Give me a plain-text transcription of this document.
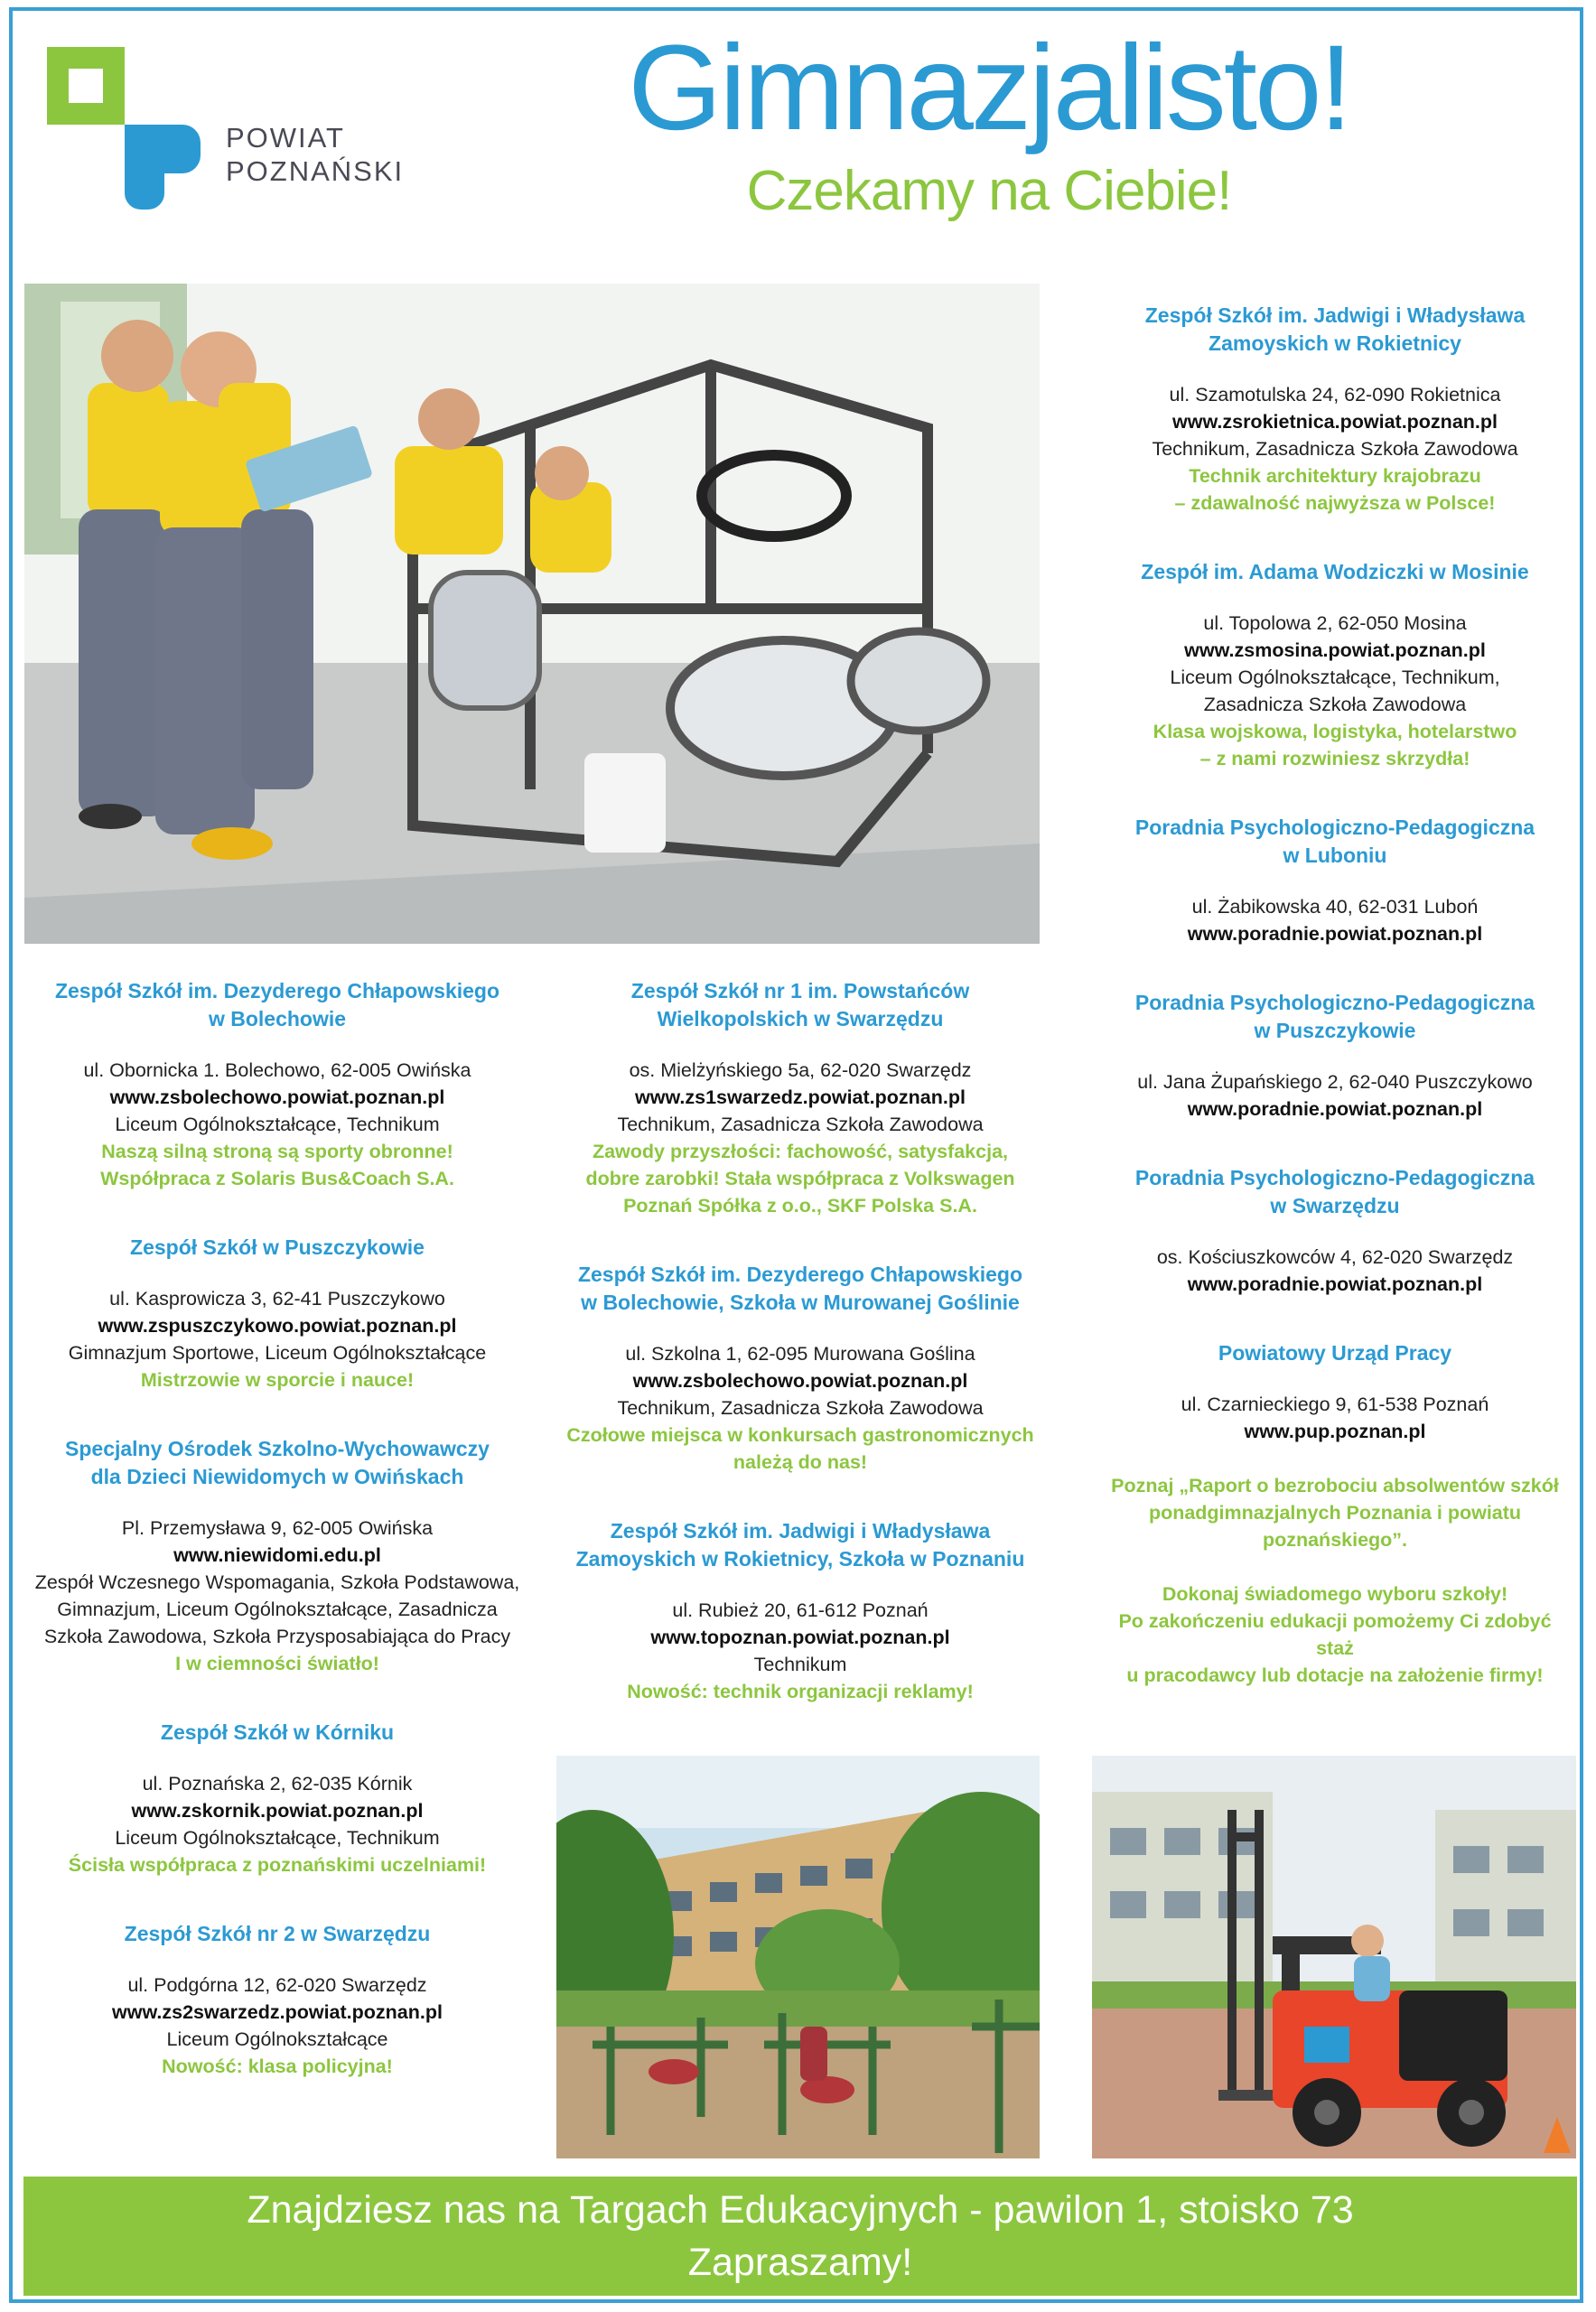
POWIAT
POZNAŃSKI
Gimnazjalisto!
Czekamy na Ciebie!
Zespół Szkół im. Jadwigi i Władysława Zamoyskich w Rokietnicy
ul. Szamotulska 24, 62-090 Rokietnica
www.zsrokietnica.powiat.poznan.pl
Technikum, Zasadnicza Szkoła Zawodowa
Technik architektury krajobrazu
– zdawalność najwyższa w Polsce!
Zespół im. Adama Wodziczki w Mosinie
ul. Topolowa 2, 62-050 Mosina
www.zsmosina.powiat.poznan.pl
Liceum Ogólnokształcące, Technikum,
Zasadnicza Szkoła Zawodowa
Klasa wojskowa, logistyka, hotelarstwo
– z nami rozwiniesz skrzydła!
Poradnia Psychologiczno-Pedagogiczna
w Luboniu
ul. Żabikowska 40, 62-031 Luboń
www.poradnie.powiat.poznan.pl
Poradnia Psychologiczno-Pedagogiczna
w Puszczykowie
ul. Jana Żupańskiego 2, 62-040 Puszczykowo
www.poradnie.powiat.poznan.pl
Poradnia Psychologiczno-Pedagogiczna
w Swarzędzu
os. Kościuszkowców 4, 62-020 Swarzędz
www.poradnie.powiat.poznan.pl
Powiatowy Urząd Pracy
ul. Czarnieckiego 9, 61-538 Poznań
www.pup.poznan.pl
Poznaj „Raport o bezrobociu absolwentów szkół
ponadgimnazjalnych Poznania i powiatu
poznańskiego”.
Dokonaj świadomego wyboru szkoły!
Po zakończeniu edukacji pomożemy Ci zdobyć staż
u pracodawcy lub dotacje na założenie firmy!
Zespół Szkół im. Dezyderego Chłapowskiego
w Bolechowie
ul. Obornicka 1. Bolechowo, 62-005 Owińska
www.zsbolechowo.powiat.poznan.pl
Liceum Ogólnokształcące, Technikum
Naszą silną stroną są sporty obronne!
Współpraca z Solaris Bus&Coach S.A.
Zespół Szkół w Puszczykowie
ul. Kasprowicza 3, 62-41 Puszczykowo
www.zspuszczykowo.powiat.poznan.pl
Gimnazjum Sportowe, Liceum Ogólnokształcące
Mistrzowie w sporcie i nauce!
Specjalny Ośrodek Szkolno-Wychowawczy
dla Dzieci Niewidomych w Owińskach
Pl. Przemysława 9, 62-005 Owińska
www.niewidomi.edu.pl
Zespół Wczesnego Wspomagania, Szkoła Podstawowa,
Gimnazjum, Liceum Ogólnokształcące, Zasadnicza
Szkoła Zawodowa, Szkoła Przysposabiająca do Pracy
I w ciemności światło!
Zespół Szkół w Kórniku
ul. Poznańska 2, 62-035 Kórnik
www.zskornik.powiat.poznan.pl
Liceum Ogólnokształcące, Technikum
Ścisła współpraca z poznańskimi uczelniami!
Zespół Szkół nr 2 w Swarzędzu
ul. Podgórna 12, 62-020 Swarzędz
www.zs2swarzedz.powiat.poznan.pl
Liceum Ogólnokształcące
Nowość: klasa policyjna!
Zespół Szkół nr 1 im. Powstańców
Wielkopolskich w Swarzędzu
os. Mielżyńskiego 5a, 62-020 Swarzędz
www.zs1swarzedz.powiat.poznan.pl
Technikum, Zasadnicza Szkoła Zawodowa
Zawody przyszłości: fachowość, satysfakcja,
dobre zarobki! Stała współpraca z Volkswagen
Poznań Spółka z o.o., SKF Polska S.A.
Zespół Szkół im. Dezyderego Chłapowskiego
w Bolechowie, Szkoła w Murowanej Goślinie
ul. Szkolna 1, 62-095 Murowana Goślina
www.zsbolechowo.powiat.poznan.pl
Technikum, Zasadnicza Szkoła Zawodowa
Czołowe miejsca w konkursach gastronomicznych
należą do nas!
Zespół Szkół im. Jadwigi i Władysława
Zamoyskich w Rokietnicy, Szkoła w Poznaniu
ul. Rubież 20, 61-612 Poznań
www.topoznan.powiat.poznan.pl
Technikum
Nowość: technik organizacji reklamy!
Znajdziesz nas na Targach Edukacyjnych - pawilon 1, stoisko 73
Zapraszamy!
